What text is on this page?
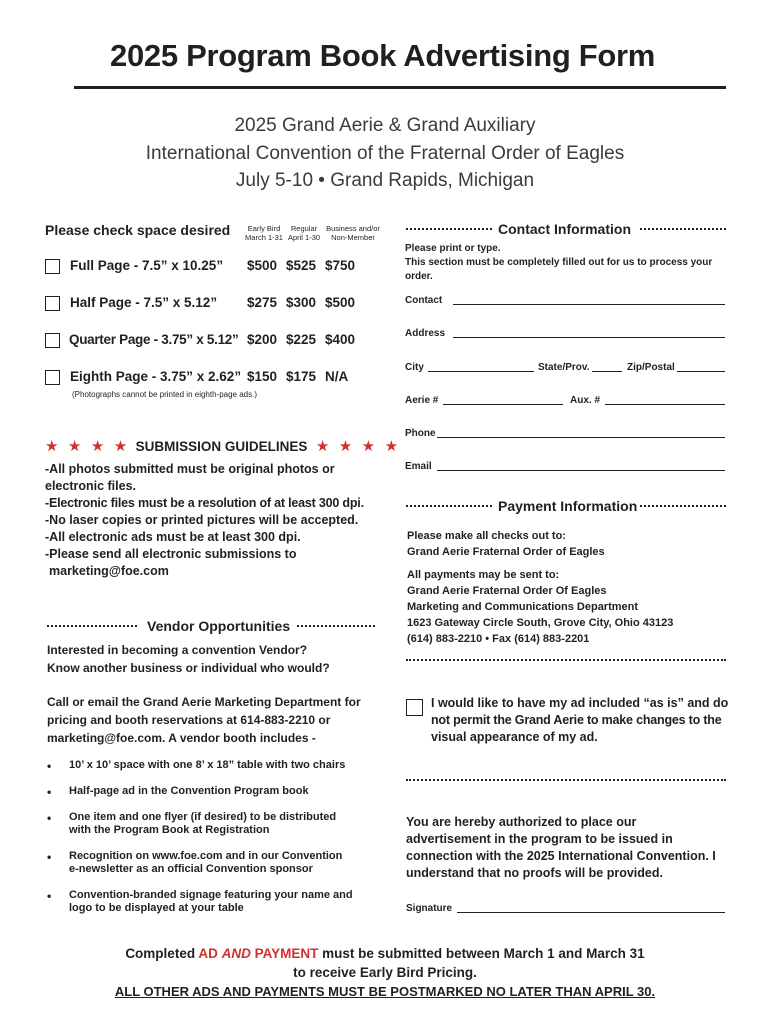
2025 Program Book Advertising Form
2025 Grand Aerie & Grand Auxiliary
International Convention of the Fraternal Order of Eagles
July 5-10 • Grand Rapids, Michigan
Please check space desired	Early Bird
March 1-31
Regular
April 1-30
Business and/or
Non-Member
Full Page - 7.5” x 10.25” $500 $525 $750
Half Page - 7.5” x 5.12” $275 $300 $500
Quarter Page - 3.75” x 5.12” $200 $225 $400
Eighth Page - 3.75” x 2.62” $150 $175 N/A
(Photographs cannot be printed in eighth-page ads.)
★ ★ ★ ★ SUBMISSION GUIDELINES ★ ★ ★ ★
-All photos submitted must be original photos or
electronic files.
-Electronic files must be a resolution of at least 300 dpi.
-No laser copies or printed pictures will be accepted.
-All electronic ads must be at least 300 dpi.
-Please send all electronic submissions to
marketing@foe.com
Vendor Opportunities
Interested in becoming a convention Vendor?
Know another business or individual who would?
Call or email the Grand Aerie Marketing Department for
pricing and booth reservations at 614-883-2210 or
marketing@foe.com. A vendor booth includes -
• 10’ x 10’ space with one 8’ x 18” table with two chairs
• Half-page ad in the Convention Program book
• One item and one flyer (if desired) to be distributed
with the Program Book at Registration
• Recognition on www.foe.com and in our Convention
e-newsletter as an official Convention sponsor
• Convention-branded signage featuring your name and
logo to be displayed at your table
Contact Information
Please print or type.
This section must be completely filled out for us to process your
order.
Contact
Address
City	State/Prov.	Zip/Postal
Aerie #	Aux. #
Phone
Email
Payment Information
Please make all checks out to:
Grand Aerie Fraternal Order of Eagles
All payments may be sent to:
Grand Aerie Fraternal Order Of Eagles
Marketing and Communications Department
1623 Gateway Circle South, Grove City, Ohio 43123
(614) 883-2210 • Fax (614) 883-2201
I would like to have my ad included “as is” and do
not permit the Grand Aerie to make changes to the
visual appearance of my ad.
You are hereby authorized to place our
advertisement in the program to be issued in
connection with the 2025 International Convention. I
understand that no proofs will be provided.
Signature
Completed AD AND PAYMENT must be submitted between March 1 and March 31
to receive Early Bird Pricing.
ALL OTHER ADS AND PAYMENTS MUST BE POSTMARKED NO LATER THAN APRIL 30.
